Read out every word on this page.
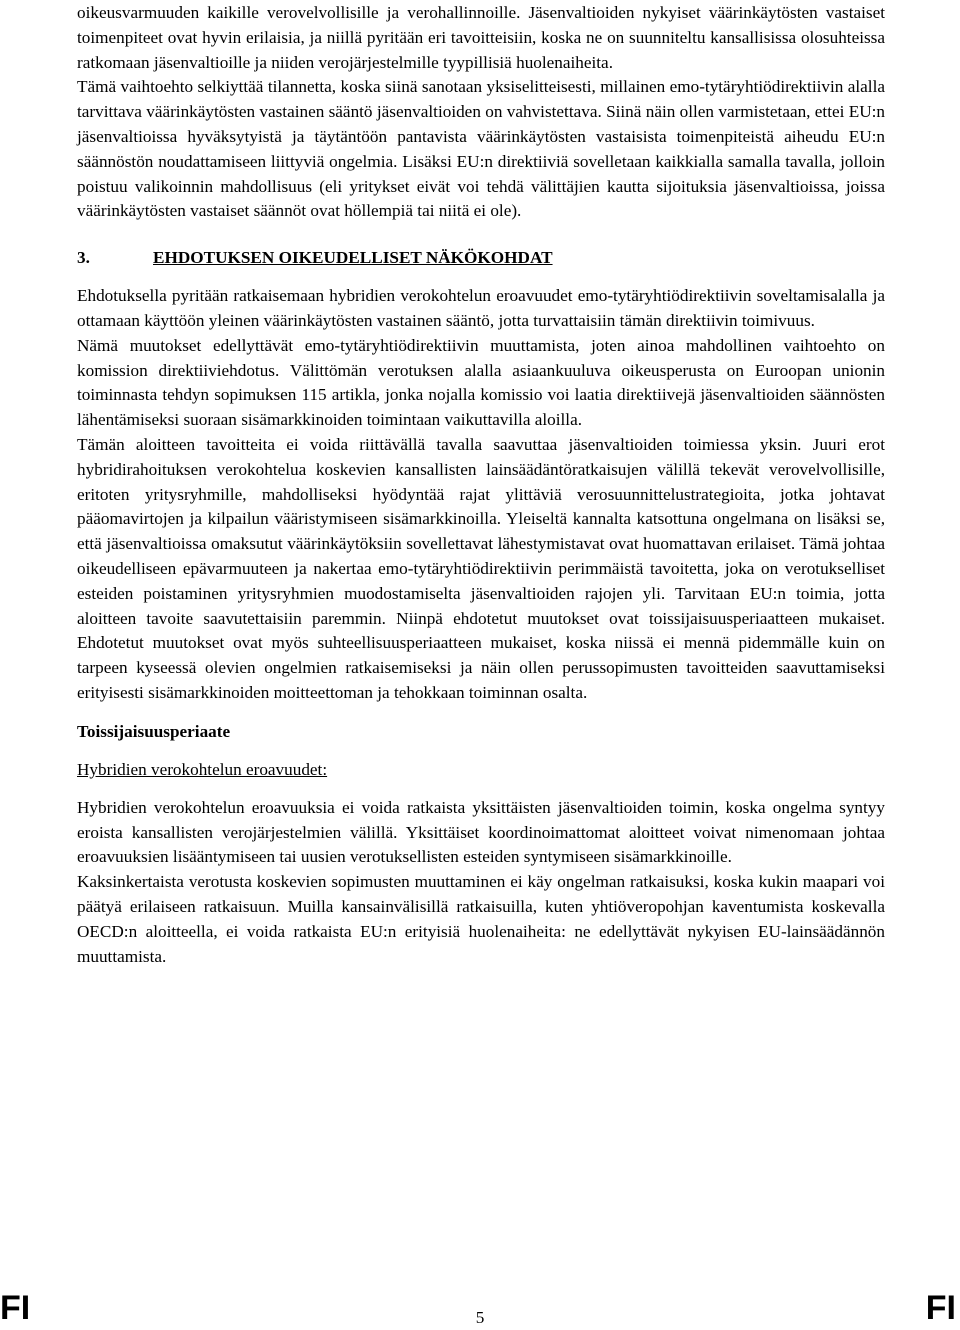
oikeusvarmuuden kaikille verovelvollisille ja verohallinnoille. Jäsenvaltioiden nykyiset väärinkäytösten vastaiset toimenpiteet ovat hyvin erilaisia, ja niillä pyritään eri tavoitteisiin, koska ne on suunniteltu kansallisissa olosuhteissa ratkomaan jäsenvaltioille ja niiden verojärjestelmille tyypillisiä huolenaiheita.

Tämä vaihtoehto selkiyttää tilannetta, koska siinä sanotaan yksiselitteisesti, millainen emo-tytäryhtiödirektiivin alalla tarvittava väärinkäytösten vastainen sääntö jäsenvaltioiden on vahvistettava. Siinä näin ollen varmistetaan, ettei EU:n jäsenvaltioissa hyväksytyistä ja täytäntöön pantavista väärinkäytösten vastaisista toimenpiteistä aiheudu EU:n säännöstön noudattamiseen liittyviä ongelmia. Lisäksi EU:n direktiiviä sovelletaan kaikkialla samalla tavalla, jolloin poistuu valikoinnin mahdollisuus (eli yritykset eivät voi tehdä välittäjien kautta sijoituksia jäsenvaltioissa, joissa väärinkäytösten vastaiset säännöt ovat höllempiä tai niitä ei ole).

3.	EHDOTUKSEN OIKEUDELLISET NÄKÖKOHDAT

Ehdotuksella pyritään ratkaisemaan hybridien verokohtelun eroavuudet emo-tytäryhtiödirektiivin soveltamisalalla ja ottamaan käyttöön yleinen väärinkäytösten vastainen sääntö, jotta turvattaisiin tämän direktiivin toimivuus.

Nämä muutokset edellyttävät emo-tytäryhtiödirektiivin muuttamista, joten ainoa mahdollinen vaihtoehto on komission direktiiviehdotus. Välittömän verotuksen alalla asiaankuuluva oikeusperusta on Euroopan unionin toiminnasta tehdyn sopimuksen 115 artikla, jonka nojalla komissio voi laatia direktiivejä jäsenvaltioiden säännösten lähentämiseksi suoraan sisämarkkinoiden toimintaan vaikuttavilla aloilla.

Tämän aloitteen tavoitteita ei voida riittävällä tavalla saavuttaa jäsenvaltioiden toimiessa yksin. Juuri erot hybridirahoituksen verokohtelua koskevien kansallisten lainsäädäntöratkaisujen välillä tekevät verovelvollisille, eritoten yritysryhmille, mahdolliseksi hyödyntää rajat ylittäviä verosuunnittelustrategioita, jotka johtavat pääomavirtojen ja kilpailun vääristymiseen sisämarkkinoilla. Yleiseltä kannalta katsottuna ongelmana on lisäksi se, että jäsenvaltioissa omaksutut väärinkäytöksiin sovellettavat lähestymistavat ovat huomattavan erilaiset. Tämä johtaa oikeudelliseen epävarmuuteen ja nakertaa emo-tytäryhtiödirektiivin perimmäistä tavoitetta, joka on verotukselliset esteiden poistaminen yritysryhmien muodostamiselta jäsenvaltioiden rajojen yli. Tarvitaan EU:n toimia, jotta aloitteen tavoite saavutettaisiin paremmin. Niinpä ehdotetut muutokset ovat toissijaisuusperiaatteen mukaiset. Ehdotetut muutokset ovat myös suhteellisuusperiaatteen mukaiset, koska niissä ei mennä pidemmälle kuin on tarpeen kyseessä olevien ongelmien ratkaisemiseksi ja näin ollen perussopimusten tavoitteiden saavuttamiseksi erityisesti sisämarkkinoiden moitteettoman ja tehokkaan toiminnan osalta.

Toissijaisuusperiaate
Hybridien verokohtelun eroavuudet:

Hybridien verokohtelun eroavuuksia ei voida ratkaista yksittäisten jäsenvaltioiden toimin, koska ongelma syntyy eroista kansallisten verojärjestelmien välillä. Yksittäiset koordinoimattomat aloitteet voivat nimenomaan johtaa eroavuuksien lisääntymiseen tai uusien verotuksellisten esteiden syntymiseen sisämarkkinoille.

Kaksinkertaista verotusta koskevien sopimusten muuttaminen ei käy ongelman ratkaisuksi, koska kukin maapari voi päätyä erilaiseen ratkaisuun. Muilla kansainvälisillä ratkaisuilla, kuten yhtiöveropohjan kaventumista koskevalla OECD:n aloitteella, ei voida ratkaista EU:n erityisiä huolenaiheita: ne edellyttävät nykyisen EU-lainsäädännön muuttamista.

FI	5	FI
